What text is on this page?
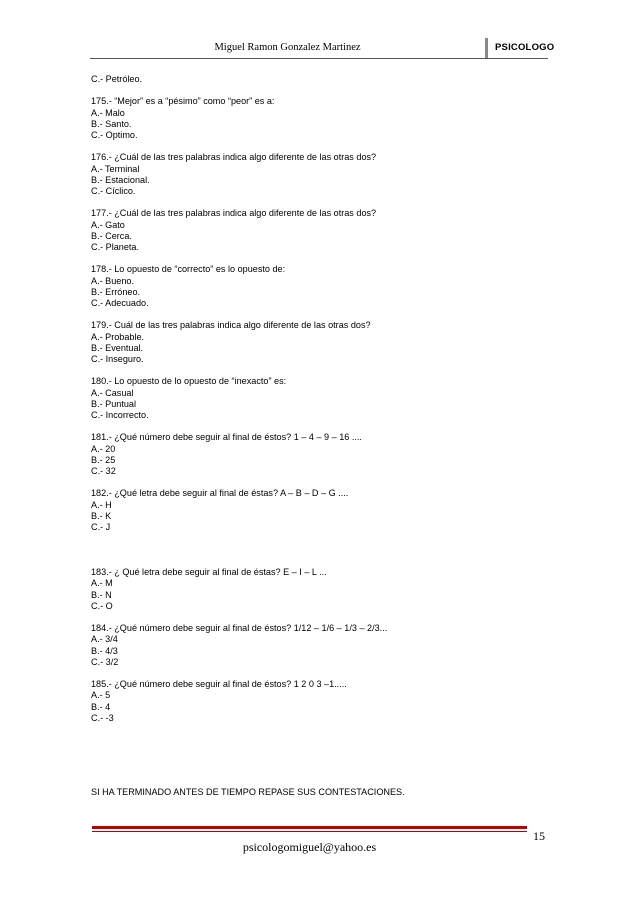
Miguel Ramon Gonzalez Martinez	PSICOLOGO
C.- Petróleo.
175.- “Mejor” es a “pésimo” como “peor” es a:
A.- Malo
B.- Santo.
C.- Optimo.
176.- ¿Cuál de las tres palabras indica algo diferente de las otras dos?
A.- Terminal
B.- Estacional.
C.- Cíclico.
177.- ¿Cuál de las tres palabras indica algo diferente de las otras dos?
A.- Gato
B.- Cerca.
C.- Planeta.
178.- Lo opuesto de “correcto” es lo opuesto de:
A.- Bueno.
B.- Erróneo.
C.- Adecuado.
179.- Cuál de las tres palabras indica algo diferente de las otras dos?
A.- Probable.
B.- Eventual.
C.- Inseguro.
180.- Lo opuesto de lo opuesto de “inexacto” es:
A.- Casual
B.- Puntual
C.- Incorrecto.
181.- ¿Qué número debe seguir al final de éstos? 1 – 4 – 9 – 16 ....
A.- 20
B.- 25
C.- 32
182.- ¿Qué letra debe seguir al final de éstas? A – B – D – G ....
A.- H
B.- K
C.- J
183.- ¿ Qué letra debe seguir al final de éstas? E – I – L ...
A.- M
B.- N
C.- O
184.- ¿Qué número debe seguir al final de éstos? 1/12 – 1/6 – 1/3 – 2/3...
A.- 3/4
B.- 4/3
C.- 3/2
185.- ¿Qué número debe seguir al final de éstos? 1 2 0 3 –1.....
A.- 5
B.- 4
C.- -3
SI HA TERMINADO ANTES DE TIEMPO REPASE SUS CONTESTACIONES.
psicologomiguel@yahoo.es
15
